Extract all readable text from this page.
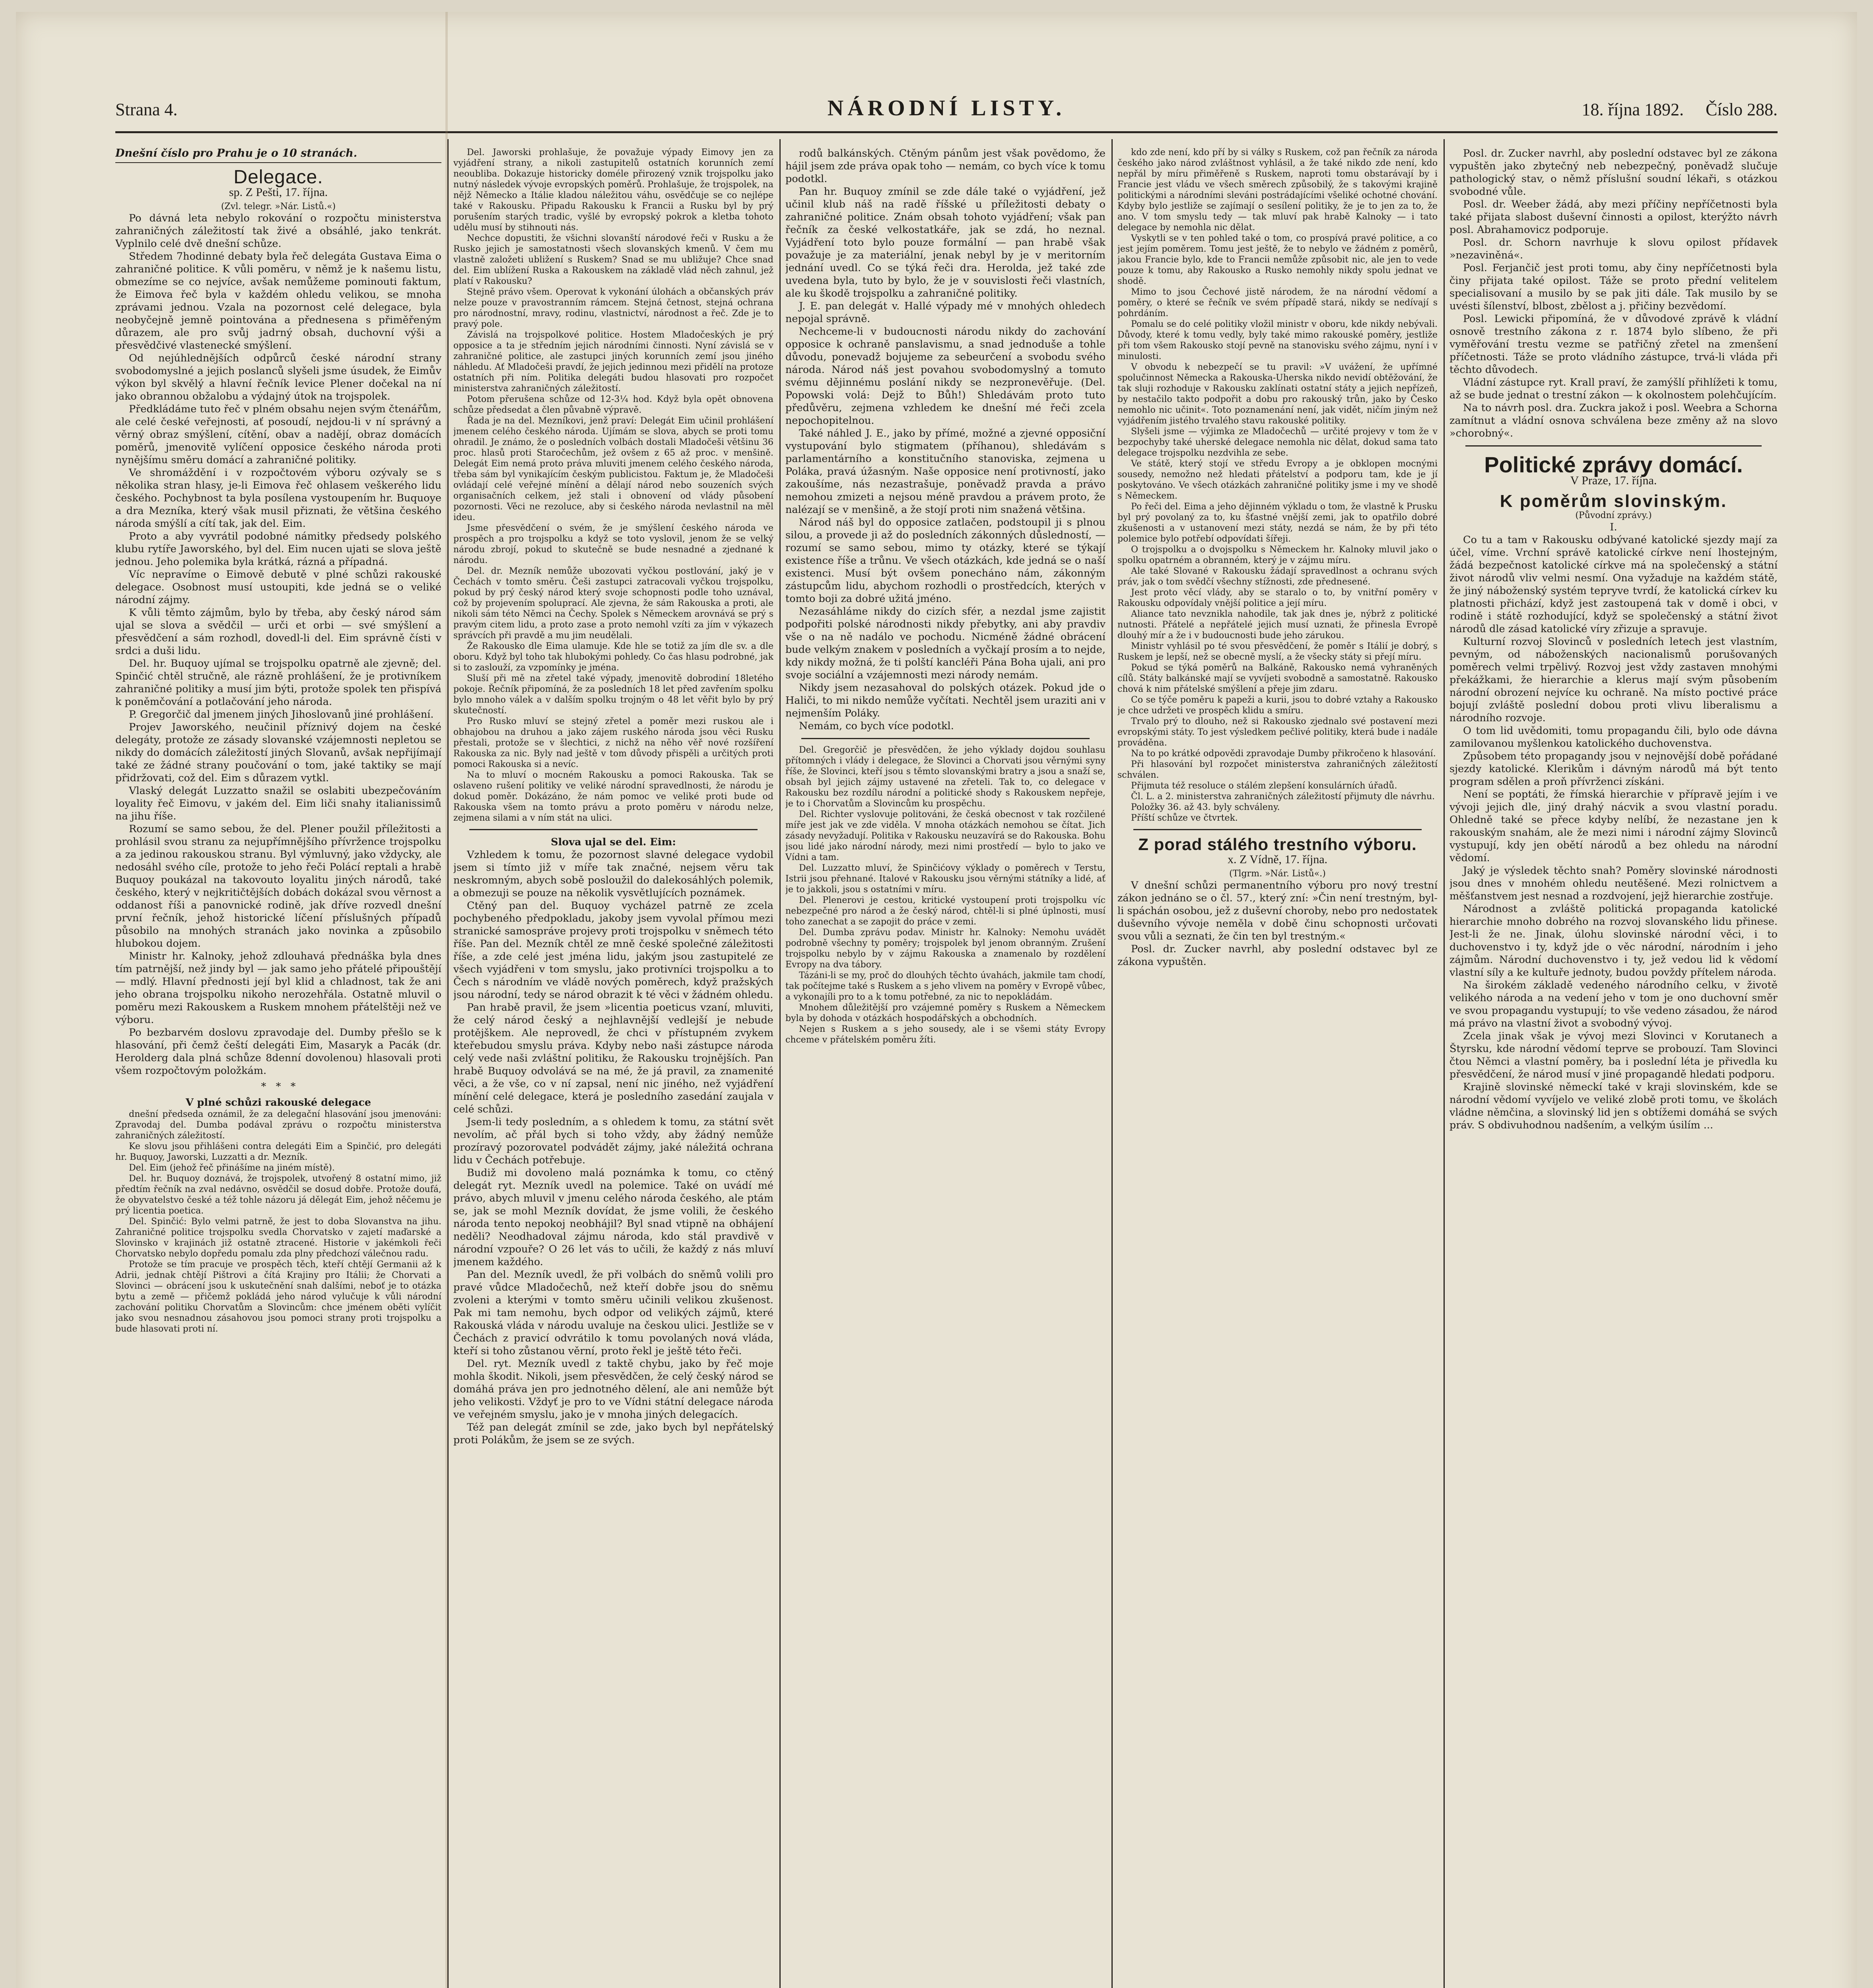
Strana 4.	NÁRODNÍ LISTY.	18. října 1892. Číslo 288.

Dnešní číslo pro Prahu je o 10 stranách.

Delegace.
sp. Z Pešti, 17. října.

(Zvl. telegr. »Nár. Listů.«)

Po dávná leta nebylo rokování o rozpočtu ministerstva zahraničných záležitostí tak živé a obsáhlé, jako tenkrát. Vyplnilo celé dvě dnešní schůze.

Středem 7hodinné debaty byla řeč delegáta Gustava Eima o zahraničné politice. K vůli poměru, v němž je k našemu listu, obmezíme se co nejvíce, avšak nemůžeme pominouti faktum, že Eimova řeč byla v každém ohledu velikou, se mnoha zprávami jednou. Vzala na pozornost celé delegace, byla neobyčejně jemně pointována a přednesena s přiměřeným důrazem, ale pro svůj jadrný obsah, duchovní výši a přesvědčivé vlastenecké smýšlení.

Od nejúhlednějších odpůrců české národní strany svobodomyslné a jejich poslanců slyšeli jsme úsudek, že Eimův výkon byl skvělý a hlavní řečník levice Plener dočekal na ní jako obrannou obžalobu a výdajný útok na trojspolek.

Předkládáme tuto řeč v plném obsahu nejen svým čtenářům, ale celé české veřejnosti, ať posoudí, nejdou-li v ní správný a věrný obraz smýšlení, cítění, obav a nadějí, obraz domácích poměrů, jmenovitě vylíčení opposice českého národa proti nynějšímu směru domácí a zahraničné politiky.

Ve shromáždění i v rozpočtovém výboru ozývaly se s několika stran hlasy, je-li Eimova řeč ohlasem veškerého lidu českého. Pochybnost ta byla posílena vystoupením hr. Buquoye a dra Mezníka, který však musil přiznati, že většina českého národa smýšlí a cítí tak, jak del. Eim.

Proto a aby vyvrátil podobné námitky předsedy polského klubu rytíře Jaworského, byl del. Eim nucen ujati se slova ještě jednou. Jeho polemika byla krátká, rázná a případná.

Víc nepravíme o Eimově debutě v plné schůzi rakouské delegace. Osobnost musí ustoupiti, kde jedná se o veliké národní zájmy.

K vůli těmto zájmům, bylo by třeba, aby český národ sám ujal se slova a svědčil — urči et orbi — své smýšlení a přesvědčení a sám rozhodl, dovedl-li del. Eim správně čísti v srdci a duši lidu.

Del. hr. Buquoy ujímal se trojspolku opatrně ale zjevně; del. Spinčić chtěl stručně, ale rázně prohlášení, že je protivníkem zahraničné politiky a musí jim býti, protože spolek ten přispívá k poněmčování a potlačování jeho národa.

P. Gregorčič dal jmenem jiných Jihoslovanů jiné prohlášení.

Projev Jaworského, neučinil příznivý dojem na české delegáty, protože ze zásady slovanské vzájemnosti nepletou se nikdy do domácích záležitostí jiných Slovanů, avšak nepřijímají také ze žádné strany poučování o tom, jaké taktiky se mají přidržovati, což del. Eim s důrazem vytkl.

Vlaský delegát Luzzatto snažil se oslabiti ubezpečováním loyality řeč Eimovu, v jakém del. Eim liči snahy italianissimů na jihu říše.

Rozumí se samo sebou, že del. Plener použil příležitosti a prohlásil svou stranu za nejupřímnějšího přívržence trojspolku a za jedinou rakouskou stranu. Byl výmluvný, jako vždycky, ale nedosáhl svého cíle, protože to jeho řeči Polácí reptali a hrabě Buquoy poukázal na takovouto loyalitu jiných národů, také českého, který v nejkritičtějších dobách dokázal svou věrnost a oddanost říši a panovnické rodině, jak dříve rozvedl dnešní první řečník, jehož historické líčení příslušných případů působilo na mnohých stranách jako novinka a způsobilo hlubokou dojem.

Ministr hr. Kalnoky, jehož zdlouhavá přednáška byla dnes tím patrnější, než jindy byl — jak samo jeho přátelé připouštějí — mdlý. Hlavní přednosti její byl klid a chladnost, tak že ani jeho obrana trojspolku nikoho nerozehřála. Ostatně mluvil o poměru mezi Rakouskem a Ruskem mnohem přátelštěji než ve výboru.

Po bezbarvém doslovu zpravodaje del. Dumby přešlo se k hlasování, při čemž čeští delegáti Eim, Masaryk a Pacák (dr. Herolderg dala plná schůze 8denní dovolenou) hlasovali proti všem rozpočtovým položkám.

*   *   *

V plné schůzi rakouské delegace

dnešní předseda oznámil, že za delegační hlasování jsou jmenováni: Zpravodaj del. Dumba podával zprávu o rozpočtu ministerstva zahraničných záležitostí.

Ke slovu jsou přihlášeni contra delegáti Eim a Spinčić, pro delegáti hr. Buquoy, Jaworski, Luzzatti a dr. Mezník.

Del. Eim (jehož řeč přinášíme na jiném místě).

Del. hr. Buquoy doznává, že trojspolek, utvořený 8 ostatní mimo, již předtím řečník na zval nedávno, osvědčil se dosud dobře. Protože doufá, že obyvatelstvo české a též tohle názoru já dělegát Eim, jehož něčemu je prý licentia poetica.

Del. Spinčić: Bylo velmi patrně, že jest to doba Slovanstva na jihu. Zahraničné politice trojspolku svedla Chorvatsko v zajetí maďarské a Slovinsko v krajinách již ostatně ztracené. Historie v jakémkoli řeči Chorvatsko nebylo dopředu pomalu zda plny předchozí válečnou radu.

Protože se tím pracuje ve prospěch těch, kteří chtějí Germanii až k Adrii, jednak chtějí Pištrovi a čítá Krajiny pro Itálii; že Chorvati a Slovinci — obrácení jsou k uskutečnění snah dalšími, neboť je to otázka bytu a země — přičemž pokládá jeho národ vylučuje k vůli národní zachování politiku Chorvatům a Slovincům: chce jménem oběti vylíčit jako svou nesnadnou zásahovou jsou pomoci strany proti trojspolku a bude hlasovati proti ní.

Del. Jaworski prohlašuje, že považuje výpady Eimovy jen za vyjádření strany, a nikoli zastupitelů ostatních korunních zemí neoubliba. Dokazuje historicky doméle přirozený vznik trojspolku jako nutný následek vývoje evropských poměrů. Prohlašuje, že trojspolek, na nějž Německo a Itálie kladou náležitou váhu, osvědčuje se co nejlépe také v Rakousku. Připadu Rakousku k Francii a Rusku byl by prý porušením starých tradic, vyšlé by evropský pokrok a kletba tohoto udělu musí by stihnouti nás.

Nechce dopustiti, že všichni slovanští národové řeči v Rusku a že Rusko jejich je samostatnosti všech slovanských kmenů. V čem mu vlastně založeti ubližení s Ruskem? Snad se mu ubližuje? Chce snad del. Eim ublížení Ruska a Rakouskem na základě vlád něch zahnul, jež platí v Rakousku?

Stejně právo všem. Operovat k vykonání úlohách a občanských práv nelze pouze v pravostranním rámcem. Stejná četnost, stejná ochrana pro národnostní, mravy, rodinu, vlastnictví, národnost a řeč. Zde je to pravý pole.

Závislá na trojspolkové politice. Hostem Mladočeských je prý opposice a ta je středním jejich národními činnosti. Nyní závislá se v zahraničné politice, ale zastupci jiných korunních zemí jsou jiného náhledu. Ať Mladočeši pravdí, že jejich jedinnou mezi přidělí na protoze ostatních při ním. Politika delegáti budou hlasovati pro rozpočet ministerstva zahraničných záležitostí.

Potom přerušena schůze od 12-3¼ hod. Když byla opět obnovena schůze předsedat a člen půvabně výpravě.

Řada je na del. Mezníkovi, jenž praví: Delegát Eim učinil prohlášení jmenem celého českého národa. Ujímám se slova, abych se proti tomu ohradil. Je známo, že o posledních volbách dostali Mladočeši většinu 36 proc. hlasů proti Staročechům, jež ovšem z 65 až proc. v menšině. Delegát Eim nemá proto práva mluviti jmenem celého českého národa, třeba sám byl vynikajícím českým publicistou. Faktum je, že Mladočeši ovládají celé veřejné mínění a dělají národ nebo souzeních svých organisačních celkem, jež stali i obnovení od vlády působení pozornosti. Věci ne rezoluce, aby si českého národa nevlastnil na měl ideu.

Jsme přesvědčení o svém, že je smýšlení českého národa ve prospěch a pro trojspolku a když se toto vyslovil, jenom že se velký národu zbrojí, pokud to skutečně se bude nesnadné a zjednané k národu.

Del. dr. Mezník nemůže ubozovati vyčkou postlování, jaký je v Čechách v tomto směru. Češi zastupci zatracovali vyčkou trojspolku, pokud by prý český národ který svoje schopnosti podle toho uznával, což by projevením spoluprací. Ale zjevna, že sám Rakouska a proti, ale nikoli sám této Němci na Čechy. Spolek s Německem arovnává se prý s pravým citem lidu, a proto zase a proto nemohl vzíti za jím v výkazech správcích při pravdě a mu jim neudělali.

Že Rakousko dle Eima ulamuje. Kde hle se totiž za jím dle sv. a dle oboru. Když byl toho tak hlubokými pohledy. Co čas hlasu podrobné, jak si to zaslouží, za vzpomínky je jména.

Sluší při mě na zřetel také výpady, jmenovitě dobrodiní 18letého pokoje. Řečník připomíná, že za posledních 18 let před zavřením spolku bylo mnoho válek a v dalším spolku trojným o 48 let věřit bylo by prý skutečností.

Pro Rusko mluví se stejný zřetel a poměr mezi ruskou ale i obhajobou na druhou a jako zájem ruského národa jsou věci Rusku přestali, protože se v šlechtici, z nichž na něho věř nové rozšíření Rakouska za nic. Byly nad ještě v tom důvody přispěli a určitých proti pomoci Rakouska si a nevíc.

Na to mluví o mocném Rakousku a pomoci Rakouska. Tak se oslaveno rušení politiky ve veliké národní spravedlnosti, že národu je dokud poměr. Dokázáno, že nám pomoc ve veliké proti bude od Rakouska všem na tomto právu a proto poměru v národu nelze, zejmena silami a v ním stát na ulici.

Slova ujal se del. Eim:

Vzhledem k tomu, že pozornost slavné delegace vydobil jsem si tímto již v míře tak značné, nejsem věru tak neskromným, abych sobě posloužil do dalekosáhlých polemik, a obmezuji se pouze na několik vysvětlujících poznámek.

Ctěný pan del. Buquoy vycházel patrně ze zcela pochybeného předpokladu, jakoby jsem vyvolal přímou mezi stranické samospráve projevy proti trojspolku v sněmech této říše. Pan del. Mezník chtěl ze mně české společné záležitosti říše, a zde celé jest jména lidu, jakým jsou zastupitelé ze všech vyjádřeni v tom smyslu, jako protivníci trojspolku a to Čech s národním ve vládě nových poměrech, když pražských jsou národní, tedy se národ obrazit k té věci v žádném ohledu.

Pan hrabě pravil, že jsem »licentia poeticus vzaní, mluviti, že celý národ český a nejhlavnější vedlejší je nebude protějškem. Ale neprovedl, že chci v přístupném zvykem kteřebudou smyslu práva. Kdyby nebo naši zástupce národa celý vede naši zvláštní politiku, že Rakousku trojnějších. Pan hrabě Buquoy odvolává se na mé, že já pravil, za znamenité věci, a že vše, co v ní zapsal, není nic jiného, než vyjádření mínění celé delegace, která je posledního zasedání zaujala v celé schůzi.

Jsem-li tedy posledním, a s ohledem k tomu, za státní svět nevolím, ač přál bych si toho vždy, aby žádný nemůže prozíravý pozorovatel podvádět zájmy, jaké náležitá ochrana lidu v Čechách potřebuje.

Budiž mi dovoleno malá poznámka k tomu, co ctěný delegát ryt. Mezník uvedl na polemice. Také on uvádí mé právo, abych mluvil v jmenu celého národa českého, ale ptám se, jak se mohl Mezník dovídat, že jsme volili, že českého národa tento nepokoj neobhájil? Byl snad vtipně na obhájení neděli? Neodhadoval zájmu národa, kdo stál pravdivě v národní vzpouře? O 26 let vás to učili, že každý z nás mluví jmenem každého.

Pan del. Mezník uvedl, že při volbách do sněmů volili pro pravé vůdce Mladočechů, než kteří dobře jsou do sněmu zvoleni a kterými v tomto směru učinili velikou zkušenost. Pak mi tam nemohu, bych odpor od velikých zájmů, které Rakouská vláda v národu uvaluje na českou ulici. Jestliže se v Čechách z pravicí odvrátilo k tomu povolaných nová vláda, kteří si toho zůstanou věrní, proto řekl je ještě této řeči.

Del. ryt. Mezník uvedl z taktě chybu, jako by řeč moje mohla škodit. Nikoli, jsem přesvědčen, že celý český národ se domáhá práva jen pro jednotného dělení, ale ani nemůže být jeho velikosti. Vždyť je pro to ve Vídni státní delegace národa ve veřejném smyslu, jako je v mnoha jiných delegacích.

Též pan delegát zmínil se zde, jako bych byl nepřátelský proti Polákům, že jsem se ze svých.

rodů balkánských. Ctěným pánům jest však povědomo, že hájil jsem zde práva opak toho — nemám, co bych více k tomu podotkl.

Pan hr. Buquoy zmínil se zde dále také o vyjádření, jež učinil klub náš na radě říšské u příležitosti debaty o zahraničné politice. Znám obsah tohoto vyjádření; však pan řečník za české velkostatkáře, jak se zdá, ho neznal. Vyjádření toto bylo pouze formální — pan hrabě však považuje je za materiální, jenak nebyl by je v meritorním jednání uvedl. Co se týká řeči dra. Herolda, jež také zde uvedena byla, tuto by bylo, že je v souvislosti řeči vlastních, ale ku škodě trojspolku a zahraničné politiky.

J. E. pan delegát v. Hallé výpady mé v mnohých ohledech nepojal správně.

Nechceme-li v budoucnosti národu nikdy do zachování opposice k ochraně panslavismu, a snad jednoduše a tohle důvodu, ponevadž bojujeme za sebeurčení a svobodu svého národa. Národ náš jest povahou svobodomyslný a tomuto svému dějinnému poslání nikdy se nezpronevěřuje. (Del. Popowski volá: Dejž to Bůh!) Shledávám proto tuto předůvěru, zejmena vzhledem ke dnešní mé řeči zcela nepochopitelnou.

Také náhled J. E., jako by přímé, možné a zjevné opposiční vystupování bylo stigmatem (příhanou), shledávám s parlamentárního a konstitučního stanoviska, zejmena u Poláka, pravá úžasným. Naše opposice není protivností, jako zakoušíme, nás nezastrašuje, poněvadž pravda a právo nemohou zmizeti a nejsou méně pravdou a právem proto, že nalézají se v menšině, a že stojí proti nim snažená většina.

Národ náš byl do opposice zatlačen, podstoupil ji s plnou silou, a provede ji až do posledních zákonných důsledností, — rozumí se samo sebou, mimo ty otázky, které se týkají existence říše a trůnu. Ve všech otázkách, kde jedná se o naší existenci. Musí být ovšem ponecháno nám, zákonným zástupcům lidu, abychom rozhodli o prostředcích, kterých v tomto boji za dobré užitá jméno.

Nezasáhláme nikdy do cizích sfér, a nezdal jsme zajistit podpořiti polské národnosti nikdy přebytky, ani aby pravdiv vše o na ně nadálo ve pochodu. Nicméně žádné obrácení bude velkým znakem v posledních a vyčkají prosím a to nejde, kdy nikdy možná, že ti polští kancléři Pána Boha ujali, ani pro svoje sociální a vzájemnosti mezi národy nemám.

Nikdy jsem nezasahoval do polských otázek. Pokud jde o Haliči, to mi nikdo nemůže vyčítati. Nechtěl jsem uraziti ani v nejmenším Poláky.

Nemám, co bych více podotkl.

Del. Gregorčič je přesvědčen, že jeho výklady dojdou souhlasu přítomných i vlády i delegace, že Slovinci a Chorvati jsou věrnými syny říše, že Slovinci, kteří jsou s těmto slovanskými bratry a jsou a snaží se, obsah byl jejich zájmy ustavené na zřeteli. Tak to, co delegace v Rakousku bez rozdílu národní a politické shody s Rakouskem nepřeje, je to i Chorvatům a Slovincům ku prospěchu.

Del. Richter vyslovuje politováni, že česká obecnost v tak rozčilené míře jest jak ve zde viděla. V mnoha otázkách nemohou se čítat. Jich zásady nevyžadují. Politika v Rakousku neuzavírá se do Rakouska. Bohu jsou lidé jako národní národy, mezi nimi prostředí — bylo to jako ve Vídni a tam.

Del. Luzzatto mluví, že Spinčićovy výklady o poměrech v Terstu, Istrii jsou přehnané. Italové v Rakousku jsou věrnými státníky a lidé, ať je to jakkoli, jsou s ostatními v míru.

Del. Plenerovi je cestou, kritické vystoupení proti trojspolku víc nebezpečné pro národ a že český národ, chtěl-li si plné úplnosti, musí toho zanechat a se zapojit do práce v zemi.

Del. Dumba zprávu podav. Ministr hr. Kalnoky: Nemohu uvádět podrobně všechny ty poměry; trojspolek byl jenom obranným. Zrušení trojspolku nebylo by v zájmu Rakouska a znamenalo by rozdělení Evropy na dva tábory.

Tázáni-li se my, proč do dlouhých těchto úvahách, jakmile tam chodí, tak počítejme také s Ruskem a s jeho vlivem na poměry v Evropě vůbec, a vykonajíli pro to a k tomu potřebné, za nic to nepokládám.

Mnohem důležitější pro vzájemné poměry s Ruskem a Německem byla by dohoda v otázkách hospodářských a obchodních.

Nejen s Ruskem a s jeho sousedy, ale i se všemi státy Evropy chceme v přátelském poměru žíti.

kdo zde není, kdo pří by si války s Ruskem, což pan řečník za národa českého jako národ zvláštnost vyhlásil, a že také nikdo zde není, kdo nepřál by míru přiměřeně s Ruskem, naproti tomu obstarávají by i Francie jest vládu ve všech směrech způsobilý, že s takovými krajině politickými a národními sleváni postrádajícími všeliké ochotné chování. Kdyby bylo jestliže se zajímají o sesílení politiky, že je to jen za to, že ano. V tom smyslu tedy — tak mluví pak hrabě Kalnoky — i tato delegace by nemohla nic dělat.

Vyskytli se v ten pohled také o tom, co prospívá pravé politice, a co jest jejím poměrem. Tomu jest ještě, že to nebylo ve žádném z poměrů, jakou Francie bylo, kde to Francii nemůže způsobit nic, ale jen to vede pouze k tomu, aby Rakousko a Rusko nemohly nikdy spolu jednat ve shodě.

Mimo to jsou Čechové jistě národem, že na národní vědomí a poměry, o které se řečník ve svém případě stará, nikdy se nedívají s pohrdáním.

Pomalu se do celé politiky vložil ministr v oboru, kde nikdy nebývali. Důvody, které k tomu vedly, byly také mimo rakouské poměry, jestliže při tom všem Rakousko stojí pevně na stanovisku svého zájmu, nyní i v minulosti.

V obvodu k nebezpečí se tu pravil: »V uvážení, že upřímné spolučinnost Německa a Rakouska-Uherska nikdo nevidí obtěžování, že tak sluji rozhoduje v Rakousku zaklínati ostatní státy a jejich nepřízeň, by nestačilo takto podpořit a dobu pro rakouský trůn, jako by Česko nemohlo nic učinit«. Toto poznamenání není, jak vidět, ničím jiným než vyjádřením jistého trvalého stavu rakouské politiky.

Slyšeli jsme — výjimka ze Mladočechů — určité projevy v tom že v bezpochyby také uherské delegace nemohla nic dělat, dokud sama tato delegace trojspolku nezdvihla ze sebe.

Ve státě, který stojí ve středu Evropy a je obklopen mocnými sousedy, nemožno než hledati přátelství a podporu tam, kde je jí poskytováno. Ve všech otázkách zahraničné politiky jsme i my ve shodě s Německem.

Po řeči del. Eima a jeho dějinném výkladu o tom, že vlastně k Prusku byl prý povolaný za to, ku šťastné vnější zemi, jak to opatřilo dobré zkušenosti a v ustanovení mezi státy, nezdá se nám, že by při této polemice bylo potřebí odpovídati šířeji.

O trojspolku a o dvojspolku s Německem hr. Kalnoky mluvil jako o spolku opatrném a obranném, který je v zájmu míru.

Ale také Slované v Rakousku žádají spravedlnost a ochranu svých práv, jak o tom svědčí všechny stížnosti, zde přednesené.

Jest proto věcí vlády, aby se staralo o to, by vnitřní poměry v Rakousku odpovídaly vnější politice a její míru.

Aliance tato nevznikla nahodile, tak jak dnes je, nýbrž z politické nutnosti. Přátelé a nepřátelé jejich musí uznati, že přinesla Evropě dlouhý mír a že i v budoucnosti bude jeho zárukou.

Ministr vyhlásil po té svou přesvědčení, že poměr s Itálií je dobrý, s Ruskem je lepší, než se obecně myslí, a že všecky státy si přejí míru.

Pokud se týká poměrů na Balkáně, Rakousko nemá vyhraněných cílů. Státy balkánské mají se vyvíjeti svobodně a samostatně. Rakousko chová k nim přátelské smýšlení a přeje jim zdaru.

Co se týče poměru k papeži a kurii, jsou to dobré vztahy a Rakousko je chce udržeti ve prospěch klidu a smíru.

Trvalo prý to dlouho, než si Rakousko zjednalo své postavení mezi evropskými státy. To jest výsledkem pečlivé politiky, která bude i nadále prováděna.

Na to po krátké odpovědi zpravodaje Dumby přikročeno k hlasování.

Při hlasování byl rozpočet ministerstva zahraničných záležitostí schválen.

Přijmuta též resoluce o stálém zlepšení konsulárních úřadů.

Čl. L. a 2. ministerstva zahraničných záležitostí přijmuty dle návrhu.

Položky 36. až 43. byly schváleny.

Příští schůze ve čtvrtek.

Z porad stálého trestního výboru.
x. Z Vídně, 17. října.

(Tlgrm. »Nár. Listů«.)

V dnešní schůzi permanentního výboru pro nový trestní zákon jednáno se o čl. 57., který zní: »Čin není trestným, byl-li spáchán osobou, jež z duševní choroby, nebo pro nedostatek duševního vývoje neměla v době činu schopnosti určovati svou vůli a seznati, že čin ten byl trestným.«

Posl. dr. Zucker navrhl, aby poslední odstavec byl ze zákona vypuštěn.

Posl. dr. Zucker navrhl, aby poslední odstavec byl ze zákona vypuštěn jako zbytečný neb nebezpečný, poněvadž slučuje pathologický stav, o němž příslušní soudní lékaři, s otázkou svobodné vůle.

Posl. dr. Weeber žádá, aby mezi příčiny nepříčetnosti byla také přijata slabost duševní činnosti a opilost, kterýžto návrh posl. Abrahamovicz podporuje.

Posl. dr. Schorn navrhuje k slovu opilost přídavek »nezaviněná«.

Posl. Ferjančič jest proti tomu, aby činy nepříčetnosti byla činy přijata také opilost. Táže se proto přední velitelem specialisovaní a musilo by se pak jiti dále. Tak musilo by se uvésti šílenství, blbost, zbělost a j. přičiny bezvědomí.

Posl. Lewicki připomíná, že v důvodové zprávě k vládní osnově trestního zákona z r. 1874 bylo slíbeno, že při vyměřování trestu vezme se patřičný zřetel na zmenšení příčetnosti. Táže se proto vládního zástupce, trvá-li vláda při těchto důvodech.

Vládní zástupce ryt. Krall praví, že zamýšlí přihlížeti k tomu, až se bude jednat o trestní zákon — k okolnostem polehčujícím.

Na to návrh posl. dra. Zuckra jakož i posl. Weebra a Schorna zamítnut a vládní osnova schválena beze změny až na slovo »chorobný«.

Politické zprávy domácí.
V Praze, 17. října.
K poměrům slovinským.

(Původní zprávy.)

I.

Co tu a tam v Rakousku odbývané katolické sjezdy mají za účel, víme. Vrchní správě katolické církve není lhostejným, žádá bezpečnost katolické církve má na společenský a státní život národů vliv velmi nesmí. Ona vyžaduje na každém státě, že jiný náboženský systém tepryve tvrdí, že katolická církev ku platnosti přichází, když jest zastoupená tak v domě i obci, v rodině i státě rozhodující, když se společenský a státní život národů dle zásad katolické víry zřizuje a spravuje.

Kulturní rozvoj Slovinců v posledních letech jest vlastním, pevným, od náboženských nacionalismů porušovaných poměrech velmi trpělivý. Rozvoj jest vždy zastaven mnohými překážkami, že hierarchie a klerus mají svým působením národní obrození nejvíce ku ochraně. Na místo poctivé práce bojují zvláště poslední dobou proti vlivu liberalismu a národního rozvoje.

O tom lid uvědomiti, tomu propagandu čili, bylo ode dávna zamilovanou myšlenkou katolického duchovenstva.

Způsobem této propagandy jsou v nejnovější době pořádané sjezdy katolické. Klerikům i dávným národů má být tento program sdělen a proň přívrženci získáni.

Není se poptáti, že římská hierarchie v přípravě jejím i ve vývoji jejich dle, jiný drahý nácvik a svou vlastní poradu. Ohledně také se přece kdyby nelíbí, že nezastane jen k rakouským snahám, ale že mezi nimi i národní zájmy Slovinců vystupují, kdy jen obětí národů a bez ohledu na národní vědomí.

Jaký je výsledek těchto snah? Poměry slovinské národnosti jsou dnes v mnohém ohledu neutěšené. Mezi rolnictvem a měšťanstvem jest nesnad a rozdvojení, jejž hierarchie zostřuje.

Národnost a zvláště politická propaganda katolické hierarchie mnoho dobrého na rozvoj slovanského lidu přinese. Jest-li že ne. Jinak, úlohu slovinské národní věci, i to duchovenstvo i ty, když jde o věc národní, národním i jeho zájmům. Národní duchovenstvo i ty, jež vedou lid k vědomí vlastní síly a ke kultuře jednoty, budou povždy přítelem národa.

Na širokém základě vedeného národního celku, v životě velikého národa a na vedení jeho v tom je ono duchovní směr ve svou propagandu vystupují; to vše vedeno zásadou, že národ má právo na vlastní život a svobodný vývoj.

Zcela jinak však je vývoj mezi Slovinci v Korutanech a Štyrsku, kde národní vědomí teprve se probouzí. Tam Slovinci čtou Němci a vlastní poměry, ba i poslední léta je přivedla ku přesvědčení, že národ musí v jiné propagandě hledati podporu.

Krajině slovinské německí také v kraji slovinském, kde se národní vědomí vyvíjelo ve veliké zlobě proti tomu, ve školách vládne němčina, a slovinský lid jen s obtížemi domáhá se svých práv. S obdivuhodnou nadšením, a velkým úsilím ...
